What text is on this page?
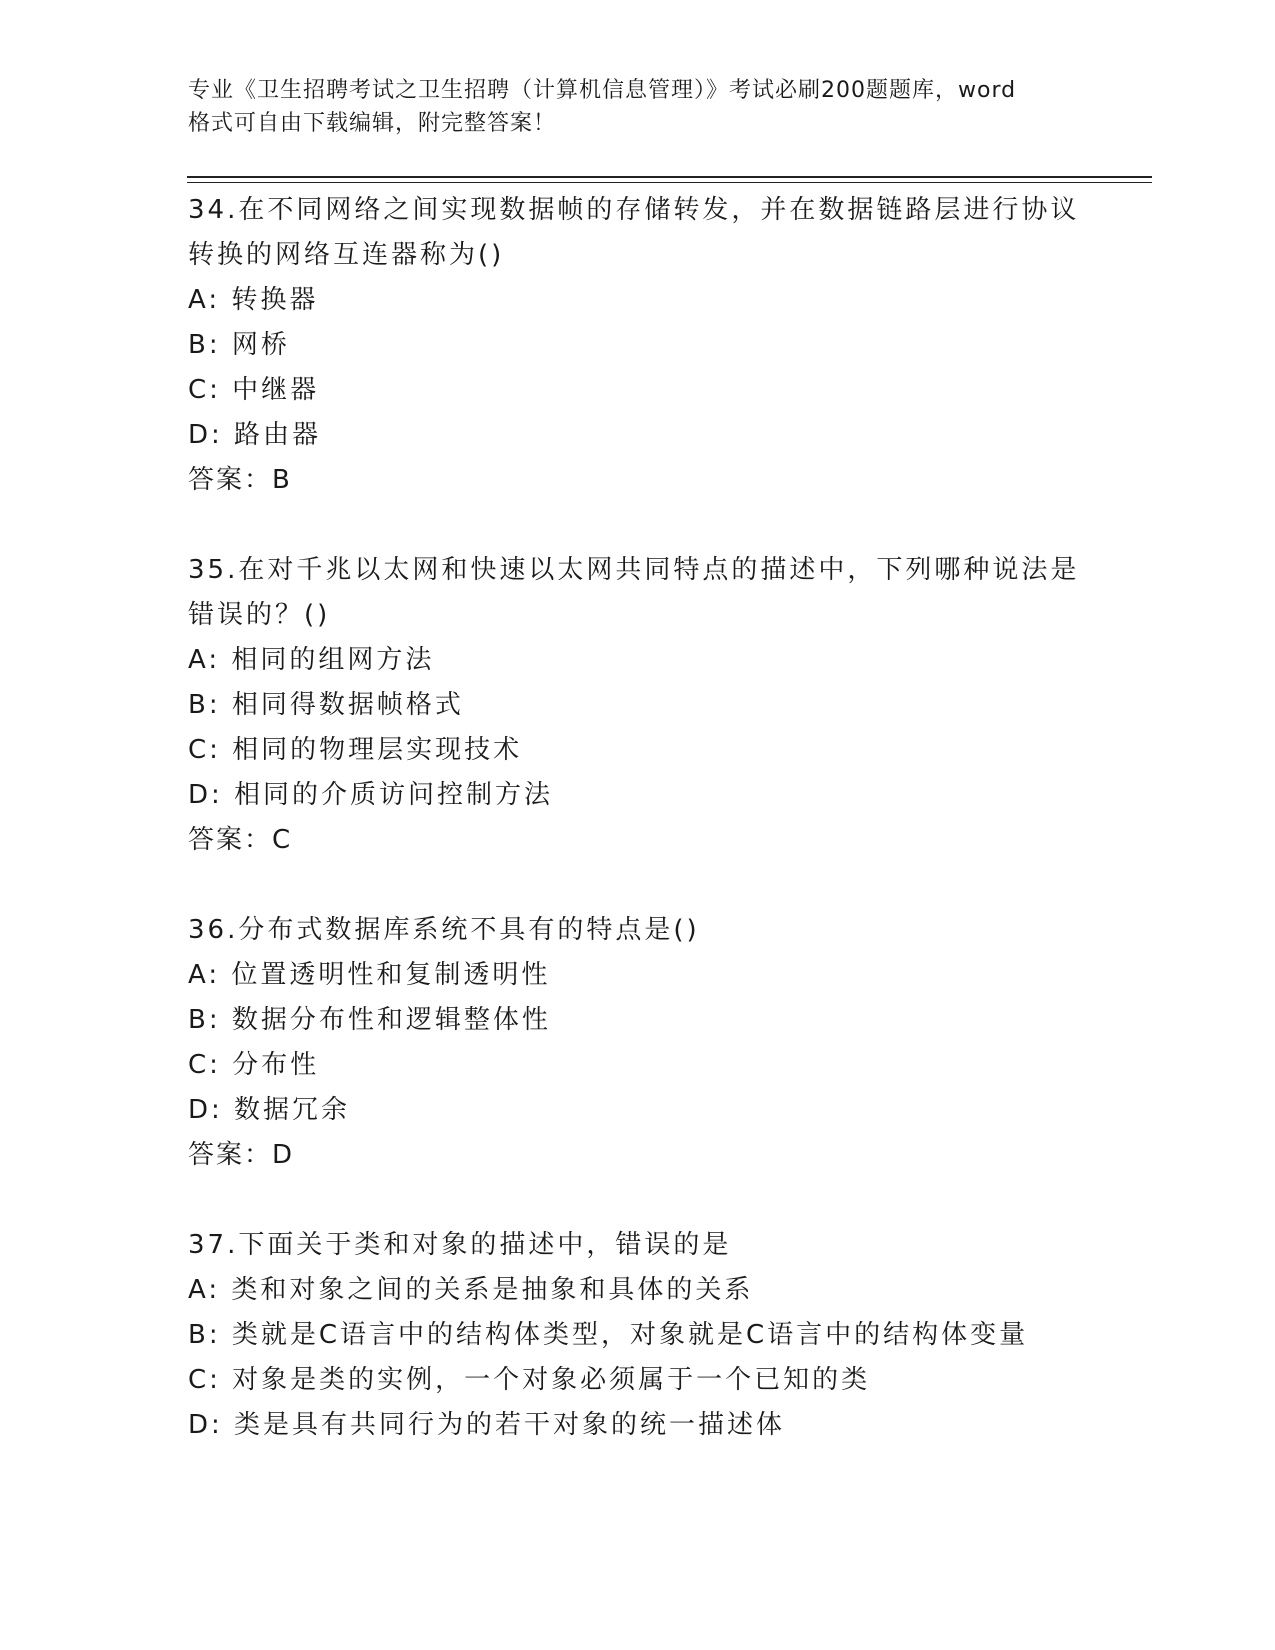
专业《卫生招聘考试之卫生招聘（计算机信息管理）》考试必刷200题题库，word
格式可自由下载编辑，附完整答案！

34.在不同网络之间实现数据帧的存储转发，并在数据链路层进行协议

转换的网络互连器称为()

A: 转换器

B: 网桥

C: 中继器

D: 路由器

答案：B

35.在对千兆以太网和快速以太网共同特点的描述中，下列哪种说法是

错误的？()

A: 相同的组网方法

B: 相同得数据帧格式

C: 相同的物理层实现技术

D: 相同的介质访问控制方法

答案：C

36.分布式数据库系统不具有的特点是()

A: 位置透明性和复制透明性

B: 数据分布性和逻辑整体性

C: 分布性

D: 数据冗余

答案：D

37.下面关于类和对象的描述中，错误的是

A: 类和对象之间的关系是抽象和具体的关系

B: 类就是C语言中的结构体类型，对象就是C语言中的结构体变量

C: 对象是类的实例，一个对象必须属于一个已知的类

D: 类是具有共同行为的若干对象的统一描述体
